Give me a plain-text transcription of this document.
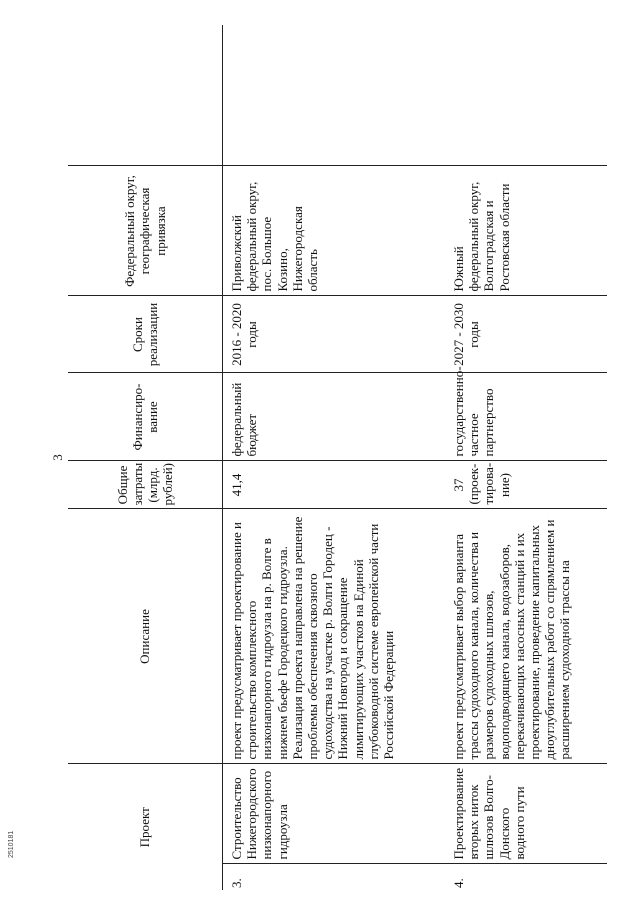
3
Проект		Описание	Общие затраты (млрд. рублей)	Финансиро-вание	Сроки реализации	Федеральный округ, географическая привязка	
3.	Строительство Нижегородского низконапорного гидроузла	проект предусматривает проектирование и строительство комплексного низконапорного гидроузла на р. Волге в нижнем бьефе Городецкого гидроузла. Реализация проекта направлена на решение проблемы обеспечения сквозного судоходства на участке р. Волги Городец - Нижний Новгород и сокращение лимитирующих участков на Единой глубоководной системе европейской части Российской Федерации	41,4	федеральный бюджет	2016 - 2020 годы	Приволжский федеральный округ, пос. Большое Козино, Нижегородская область	
4.	Проектирование вторых ниток шлюзов Волго-Донского водного пути	проект предусматривает выбор варианта трассы судоходного канала, количества и размеров судоходных шлюзов, водоподводящего канала, водозаборов, перекачивающих насосных станций и их проектирование, проведение капитальных дноуглубительных работ со спрямлением и расширением судоходной трассы на	37 (проек-тирова-ние)	государственно-частное партнерство	2027 - 2030 годы	Южный федеральный округ, Волгоградская и Ростовская области	
2510181
